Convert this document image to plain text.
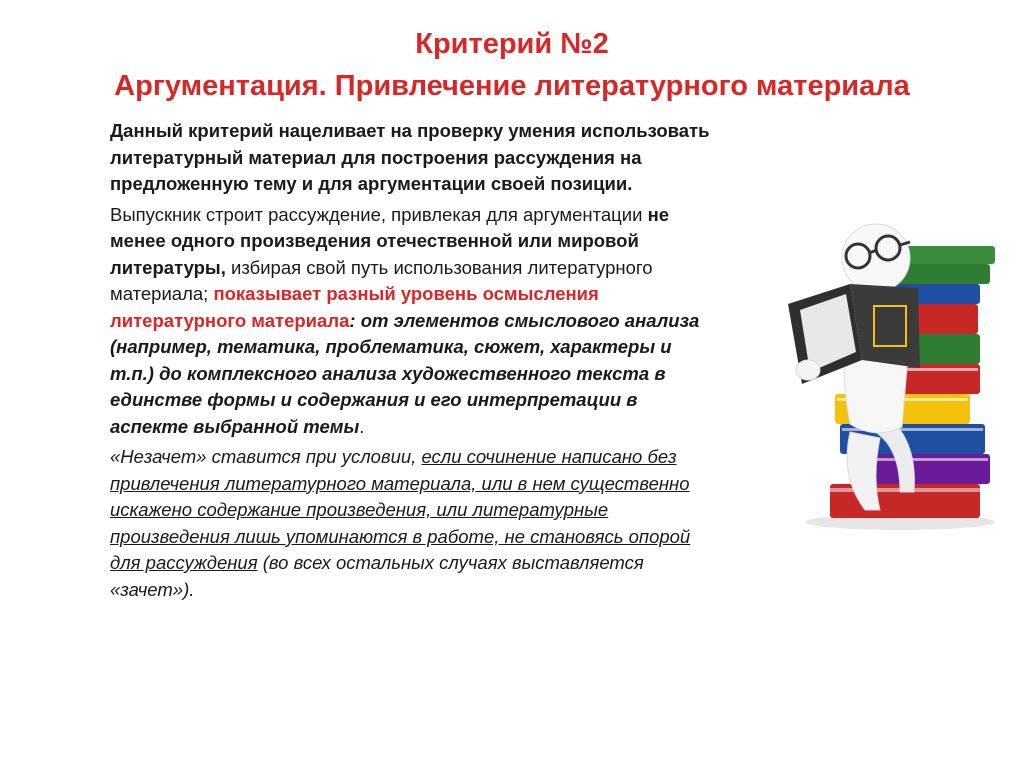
Критерий №2
Аргументация. Привлечение литературного материала

Данный критерий нацеливает на проверку умения использовать литературный материал для построения рассуждения на предложенную тему и для аргументации своей позиции.

Выпускник строит рассуждение, привлекая для аргументации не менее одного произведения отечественной или мировой литературы, избирая свой путь использования литературного материала; показывает разный уровень осмысления литературного материала: от элементов смыслового анализа (например, тематика, проблематика, сюжет, характеры и т.п.) до комплексного анализа художественного текста в единстве формы и содержания и его интерпретации в аспекте выбранной темы.

«Незачет» ставится при условии, если сочинение написано без привлечения литературного материала, или в нем существенно искажено содержание произведения, или литературные произведения лишь упоминаются в работе, не становясь опорой для рассуждения (во всех остальных случаях выставляется «зачет»).
